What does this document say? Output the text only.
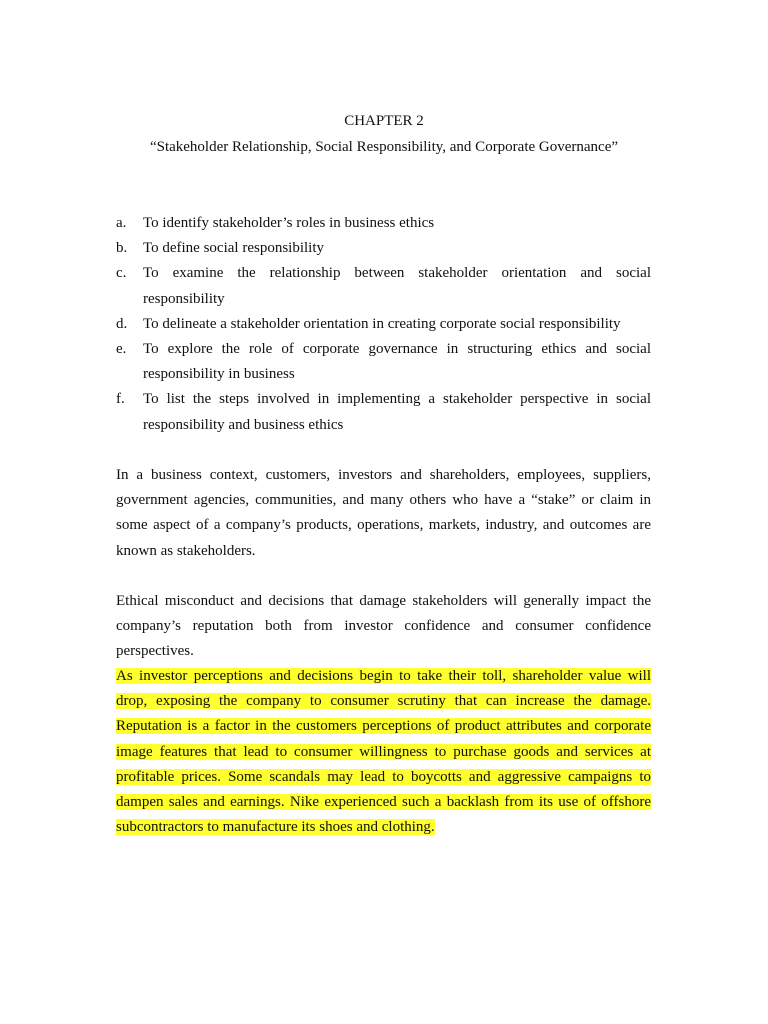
CHAPTER 2
“Stakeholder Relationship, Social Responsibility, and Corporate Governance”
a.	To identify stakeholder’s roles in business ethics
b.	To define social responsibility
c.	To examine the relationship between stakeholder orientation and social responsibility
d.	To delineate a stakeholder orientation in creating corporate social responsibility
e.	To explore the role of corporate governance in structuring ethics and social responsibility in business
f.	To list the steps involved in implementing a stakeholder perspective in social responsibility and business ethics

In a business context, customers, investors and shareholders, employees, suppliers, government agencies, communities, and many others who have a “stake” or claim in some aspect of a company’s products, operations, markets, industry, and outcomes are known as stakeholders.

Ethical misconduct and decisions that damage stakeholders will generally impact the company’s reputation both from investor confidence and consumer confidence perspectives.

As investor perceptions and decisions begin to take their toll, shareholder value will drop, exposing the company to consumer scrutiny that can increase the damage. Reputation is a factor in the customers perceptions of product attributes and corporate image features that lead to consumer willingness to purchase goods and services at profitable prices. Some scandals may lead to boycotts and aggressive campaigns to dampen sales and earnings. Nike experienced such a backlash from its use of offshore subcontractors to manufacture its shoes and clothing.
